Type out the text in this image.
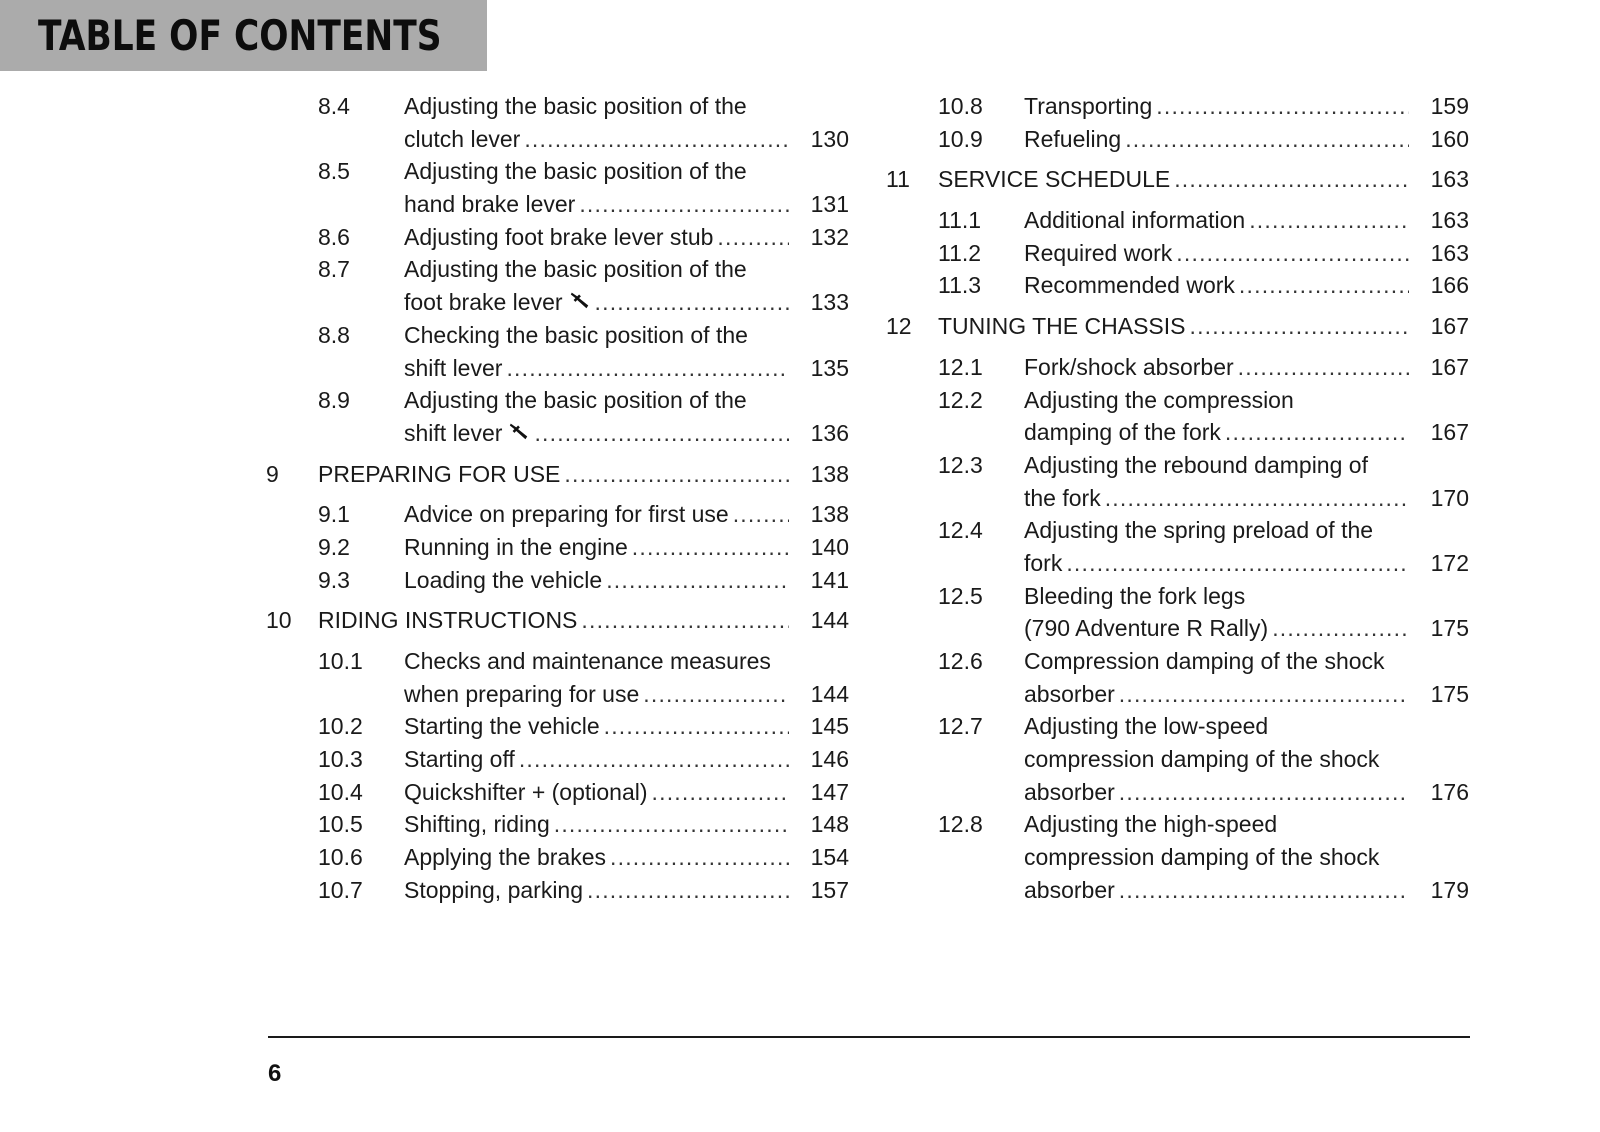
TABLE OF CONTENTS
8.4 Adjusting the basic position of the
clutch lever .....	130
8.5 Adjusting the basic position of the
hand brake lever .....	131
8.6 Adjusting foot brake lever stub .....	132
8.7 Adjusting the basic position of the
foot brake lever .....	133
8.8 Checking the basic position of the
shift lever .....	135
8.9 Adjusting the basic position of the
shift lever .....	136
9 PREPARING FOR USE .....	138
9.1 Advice on preparing for first use .....	138
9.2 Running in the engine .....	140
9.3 Loading the vehicle .....	141
10 RIDING INSTRUCTIONS .....	144
10.1 Checks and maintenance measures
when preparing for use .....	144
10.2 Starting the vehicle .....	145
10.3 Starting off .....	146
10.4 Quickshifter + (optional) .....	147
10.5 Shifting, riding .....	148
10.6 Applying the brakes .....	154
10.7 Stopping, parking .....	157
10.8 Transporting .....	159
10.9 Refueling .....	160
11 SERVICE SCHEDULE .....	163
11.1 Additional information .....	163
11.2 Required work .....	163
11.3 Recommended work .....	166
12 TUNING THE CHASSIS .....	167
12.1 Fork/shock absorber .....	167
12.2 Adjusting the compression
damping of the fork .....	167
12.3 Adjusting the rebound damping of
the fork .....	170
12.4 Adjusting the spring preload of the
fork .....	172
12.5 Bleeding the fork legs
(790 Adventure R Rally) .....	175
12.6 Compression damping of the shock
absorber .....	175
12.7 Adjusting the low-speed
compression damping of the shock
absorber .....	176
12.8 Adjusting the high-speed
compression damping of the shock
absorber .....	179
6
